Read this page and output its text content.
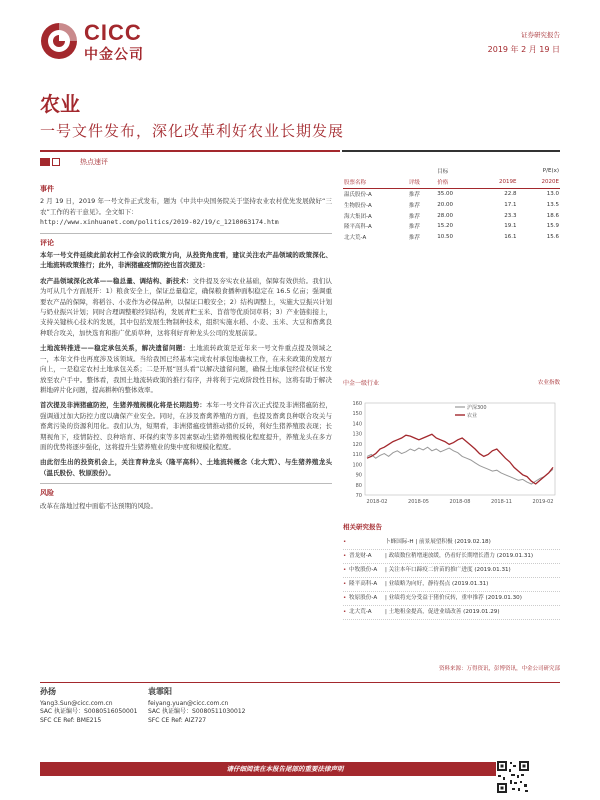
CICC
中金公司
证券研究报告
2019 年 2 月 19 日
农业
一号文件发布，深化改革利好农业长期发展
热点速评
事件
2 月 19 日，2019 年一号文件正式发布，题为《中共中央国务院关于坚持农业农村优先发展做好“三农”工作的若干意见》。全文如下：
http://www.xinhuanet.com/politics/2019-02/19/c_1210063174.htm
评论
本年一号文件延续此前农村工作会议的政策方向，从投资角度看，建议关注农产品领域的政策深化、土地流转政策推行；此外，非洲猪瘟疫情防控也首次提及：
农产品领域深化改革——稳总量、调结构、新技术：文件提及夯实农业基础，保障有效供给。我们认为可从几个方面展开：1）粮食安全上，保证总量稳定，确保粮食播种面积稳定在 16.5 亿亩；强调重要农产品的保障，将稻谷、小麦作为必保品种，以保证口粮安全；2）结构调整上，实施大豆振兴计划与奶业振兴计划；同时合理调整粮经饲结构，发展青贮玉米、苜蓿等优质饲草料；3）产业链衔接上，支持关键核心技术的发展，其中包括发展生物制种技术，组织实施水稻、小麦、玉米、大豆和畜禽良种联合攻关，加快选育和推广优质草种，这将利好育种龙头公司的发展前景。
土地流转推进——稳定承包关系，解决遗留问题：土地流转政策是近年来一号文件重点提及领域之一，本年文件也再度涉及该领域。当给我国已经基本完成农村承包地确权工作，在未来政策的发展方向上，一是稳定农村土地承包关系；二是开展“回头看”以解决遗留问题，确保土地承包经营权证书发放至农户手中。整体看，我国土地流转政策的推行有序，并将利于完成阶段性目标，这将有助于解决耕地碎片化问题，提高耕种的整体效率。
首次提及非洲猪瘟防控，生猪养殖规模化将是长期趋势：本年一号文件首次正式提及非洲猪瘟防控，强调通过加大防控力度以确保产业安全。同时，在涉及畜禽养殖的方面，也提及畜禽良种联合攻关与畜禽污染的资源利用化。我们认为，短期看，非洲猪瘟疫情推动猪价反转，利好生猪养殖股表现；长期视角下，疫情防控、良种培育、环保约束等多因素驱动生猪养殖规模化程度提升，养殖龙头在多方面的优势将逐步强化，这将提升生猪养殖业的集中度和规模化程度。
由此衍生出的投资机会上，关注育种龙头（隆平高科）、土地流转概念（北大荒）、与生猪养殖龙头（温氏股份、牧原股份）。
风险
改革在落地过程中面临不达预期的风险。
		目标	P/E(x)	
股票名称	评级	价格	2019E	2020E
温氏股份-A	推荐	35.00	22.8	13.0
生物股份-A	推荐	20.00	17.1	13.5
海大集团-A	推荐	28.00	23.3	18.6
隆平高科-A	推荐	15.20	19.1	15.9
北大荒-A	推荐	10.50	16.1	15.6
中金一级行业	农业指数
160
150
140
130
120
110
100
90
80
70
2018-02	2018-05	2018-08	2018-11	2019-02
沪深300
农业
相关研究报告
•	卜蜂国际-H | 前景展望积极 (2019.02.18)
• 晋龙财-A	| 政绩数位稍增速放缓，仍看好长期增长潜力 (2019.01.31)
• 中牧股份-A	| 关注本年口蹄疫二价苗的推广进度 (2019.01.31)
• 隆平高科-A	| 业绩略为向好，静待拐点 (2019.01.31)
• 牧原股份-A	| 业绩将充分受益于猪价反转，重申推荐 (2019.01.30)
• 北大荒-A	| 土地租金提高，促进业绩改善 (2019.01.29)
资料来源：万得资讯，彭博资讯，中金公司研究部
孙扬
Yang3.Sun@cicc.com.cn
SAC 执证编号：S0080516050001
SFC CE Ref: BME215
袁霏阳
feiyang.yuan@cicc.com.cn
SAC 执证编号：S0080511030012
SFC CE Ref: AIZ727
请仔细阅读在本报告尾部的重要法律声明
